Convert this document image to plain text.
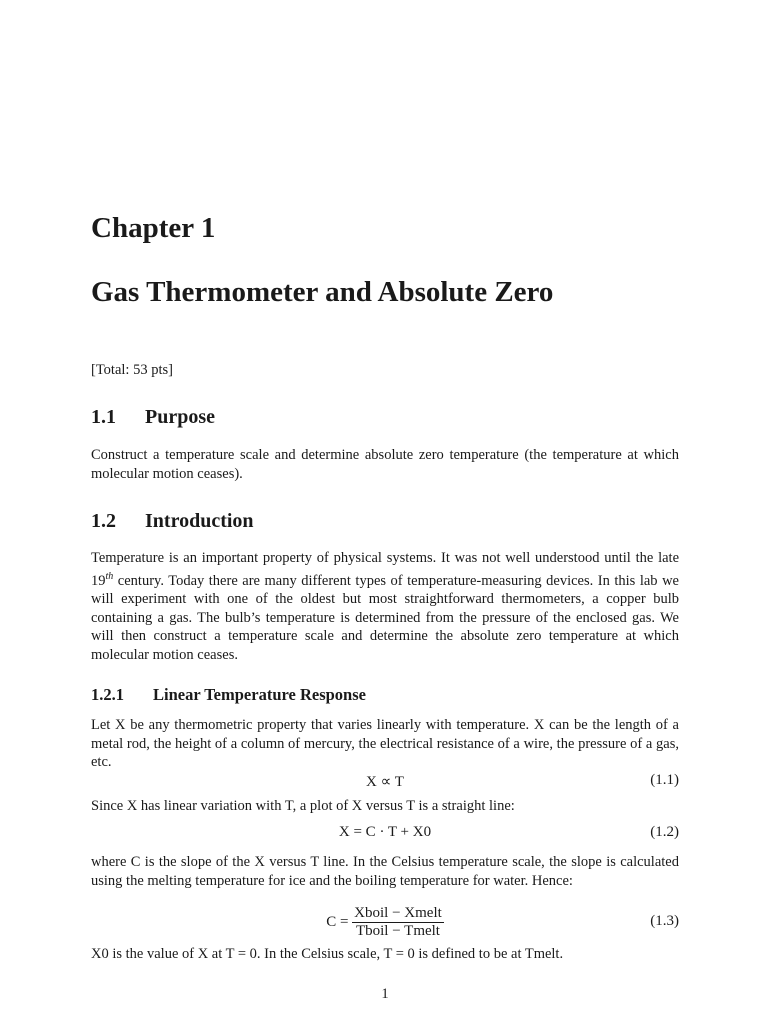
Chapter 1
Gas Thermometer and Absolute Zero
[Total: 53 pts]
1.1 Purpose
Construct a temperature scale and determine absolute zero temperature (the temperature at which molecular motion ceases).
1.2 Introduction
Temperature is an important property of physical systems. It was not well understood until the late 19th century. Today there are many different types of temperature-measuring devices. In this lab we will experiment with one of the oldest but most straightforward thermometers, a copper bulb containing a gas. The bulb’s temperature is determined from the pressure of the enclosed gas. We will then construct a temperature scale and determine the absolute zero temperature at which molecular motion ceases.
1.2.1 Linear Temperature Response
Let X be any thermometric property that varies linearly with temperature. X can be the length of a metal rod, the height of a column of mercury, the electrical resistance of a wire, the pressure of a gas, etc.
X ∝ T	(1.1)
Since X has linear variation with T, a plot of X versus T is a straight line:
X = C · T + X0	(1.2)
where C is the slope of the X versus T line. In the Celsius temperature scale, the slope is calculated using the melting temperature for ice and the boiling temperature for water. Hence:
$C = \frac{\text{Xboil − Xmelt}}{\text{Tboil − Tmelt}}$	(1.3)
X0 is the value of X at T = 0. In the Celsius scale, T = 0 is defined to be at Tmelt.
1
